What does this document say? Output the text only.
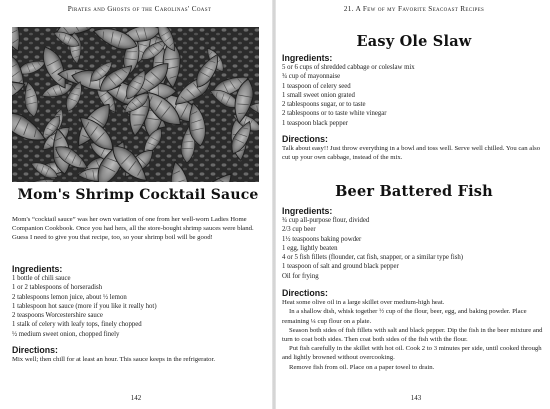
Pirates and Ghosts of the Carolinas' Coast
Mom's Shrimp Cocktail Sauce
Mom's “cocktail sauce” was her own variation of one from her well-worn Ladies Home Companion Cookbook. Once you had hers, all the store-bought shrimp sauces were bland. Guess I need to give you that recipe, too, so your shrimp boil will be good!
Ingredients:
1 bottle of chili sauce
1 or 2 tablespoons of horseradish
2 tablespoons lemon juice, about ½ lemon
1 tablespoon hot sauce (more if you like it really hot)
2 teaspoons Worcestershire sauce
1 stalk of celery with leafy tops, finely chopped
½ medium sweet onion, chopped finely
Directions:

Mix well; then chill for at least an hour. This sauce keeps in the refrigerator.

142
21. A Few of my Favorite Seacoast Recipes
Easy Ole Slaw
Ingredients:
5 or 6 cups of shredded cabbage or coleslaw mix
¾ cup of mayonnaise
1 teaspoon of celery seed
1 small sweet onion grated
2 tablespoons sugar, or to taste
2 tablespoons or to taste white vinegar
1 teaspoon black pepper
Directions:

Talk about easy!! Just throw everything in a bowl and toss well. Serve well chilled. You can also cut up your own cabbage, instead of the mix.

Beer Battered Fish
Ingredients:
¾ cup all-purpose flour, divided
2/3 cup beer
1½ teaspoons baking powder
1 egg, lightly beaten
4 or 5 fish fillets (flounder, cat fish, snapper, or a similar type fish)
1 teaspoon of salt and ground black pepper
Oil for frying
Directions:

Heat some olive oil in a large skillet over medium-high heat.

In a shallow dish, whisk together ½ cup of the flour, beer, egg, and baking powder. Place remaining ¼ cup flour on a plate.

Season both sides of fish fillets with salt and black pepper. Dip the fish in the beer mixture and turn to coat both sides. Then coat both sides of the fish with the flour.

Put fish carefully in the skillet with hot oil. Cook 2 to 3 minutes per side, until cooked through and lightly browned without overcooking.

Remove fish from oil. Place on a paper towel to drain.

143
